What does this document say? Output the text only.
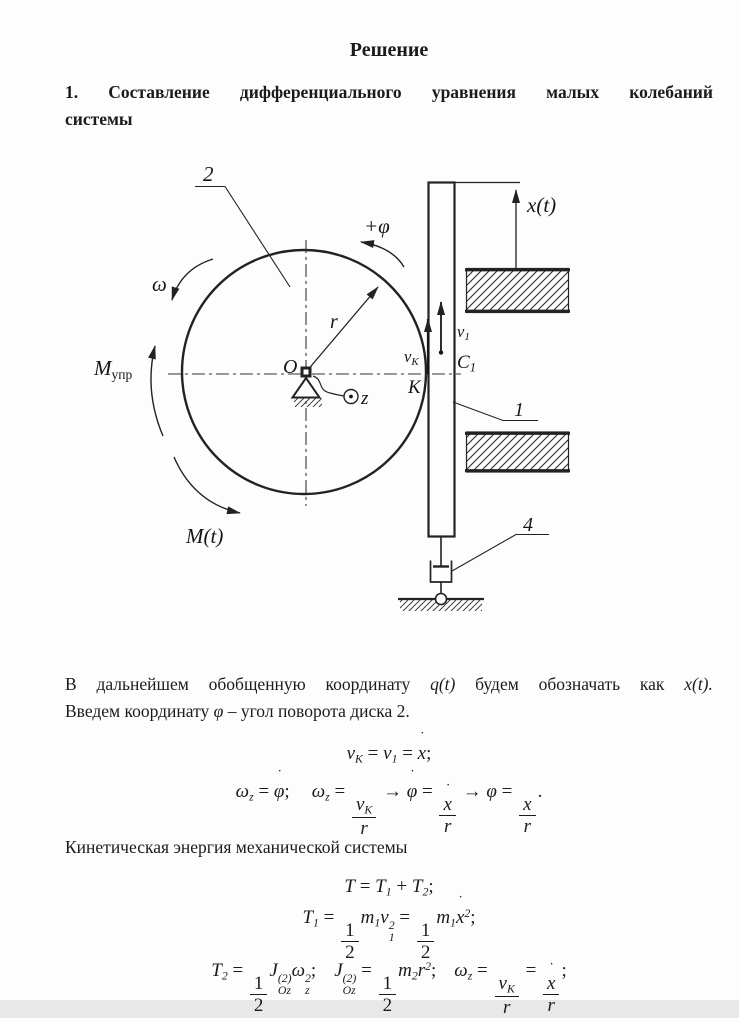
Решение
1. Составление дифференциального уравнения малых колебаний
системы
2
1
4
ω
+φ
Mупр
M(t)
r
O
z
K
vK
v1
C1
x(t)
В дальнейшем обобщенную координату q(t) будем обозначать как x(t).
Введем координату φ – угол поворота диска 2.
$v_K = v_1 = x$
˙
;
$\omega_z = \varphi$
˙
; $\omega_z$ =
$\frac{v_K}{r}$
→ φ
˙
=
x
˙
r
→ φ =
$\frac{x}{r}$
.
Кинетическая энергия механической системы
$T = T_1 + T_2$;
$T_1$ =
$\frac{1}{2}$
$m_1v$ 2
1
=
$\frac{1}{2}$
$m_1x$
˙
$^2$;
$T_2$ =
$\frac{1}{2}$
J (2)
Oz
ω 2
z
; J (2)
Oz
=
$\frac{1}{2}$
$m_2r^2$; $\omega_z$ =
$\frac{v_K}{r}$
=
x
˙
r
;
